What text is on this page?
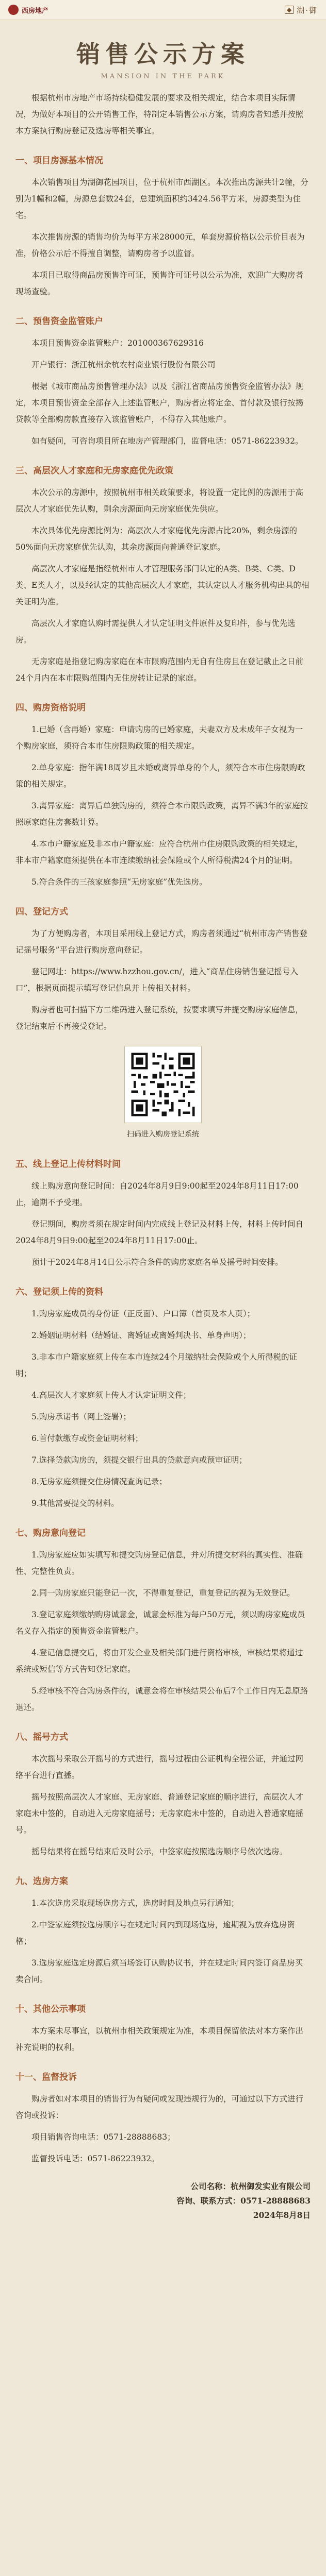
西房地产	◆ 湖·御
销售公示方案
MANSION IN THE PARK

根据杭州市房地产市场持续稳健发展的要求及相关规定，结合本项目实际情况，为做好本项目的公开销售工作，特制定本销售公示方案，请购房者知悉并按照本方案执行购房登记及选房等相关事宜。

一、项目房源基本情况

本次销售项目为湖御花园项目，位于杭州市西湖区。本次推出房源共计2幢，分别为1幢和2幢，房源总套数24套，总建筑面积约3424.56平方米，房源类型为住宅。

本次推售房源的销售均价为每平方米28000元，单套房源价格以公示价目表为准，价格公示后不得擅自调整，请购房者予以监督。

本项目已取得商品房预售许可证，预售许可证号以公示为准，欢迎广大购房者现场查验。

二、预售资金监管账户

本项目预售资金监管账户：201000367629316

开户银行：浙江杭州余杭农村商业银行股份有限公司

根据《城市商品房预售管理办法》以及《浙江省商品房预售资金监管办法》规定，本项目预售资金全部存入上述监管账户，购房者应将定金、首付款及银行按揭贷款等全部购房款直接存入该监管账户，不得存入其他账户。

如有疑问，可咨询项目所在地房产管理部门，监督电话：0571-86223932。

三、高层次人才家庭和无房家庭优先政策

本次公示的房源中，按照杭州市相关政策要求，将设置一定比例的房源用于高层次人才家庭优先认购，剩余房源面向无房家庭优先供应。

本次具体优先房源比例为：高层次人才家庭优先房源占比20%，剩余房源的50%面向无房家庭优先认购，其余房源面向普通登记家庭。

高层次人才家庭是指经杭州市人才管理服务部门认定的A类、B类、C类、D类、E类人才，以及经认定的其他高层次人才家庭，其认定以人才服务机构出具的相关证明为准。

高层次人才家庭认购时需提供人才认定证明文件原件及复印件，参与优先选房。

无房家庭是指登记购房家庭在本市限购范围内无自有住房且在登记截止之日前24个月内在本市限购范围内无住房转让记录的家庭。

四、购房资格说明

1.已婚（含再婚）家庭：申请购房的已婚家庭，夫妻双方及未成年子女视为一个购房家庭，须符合本市住房限购政策的相关规定。

2.单身家庭：指年满18周岁且未婚或离异单身的个人，须符合本市住房限购政策的相关规定。

3.离异家庭：离异后单独购房的，须符合本市限购政策，离异不满3年的家庭按照原家庭住房套数计算。

4.本市户籍家庭及非本市户籍家庭：应符合杭州市住房限购政策的相关规定，非本市户籍家庭须提供在本市连续缴纳社会保险或个人所得税满24个月的证明。

5.符合条件的三孩家庭参照“无房家庭”优先选房。

四、登记方式

为了方便购房者，本项目采用线上登记方式，购房者须通过“杭州市房产销售登记摇号服务”平台进行购房意向登记。

登记网址：https://www.hzzhou.gov.cn/，进入“商品住房销售登记摇号入口”，根据页面提示填写登记信息并上传相关材料。

购房者也可扫描下方二维码进入登记系统，按要求填写并提交购房家庭信息，登记结束后不再接受登记。

扫码进入购房登记系统
五、线上登记上传材料时间

线上购房意向登记时间：自2024年8月9日9:00起至2024年8月11日17:00止，逾期不予受理。

登记期间，购房者须在规定时间内完成线上登记及材料上传，材料上传时间自2024年8月9日9:00起至2024年8月11日17:00止。

预计于2024年8月14日公示符合条件的购房家庭名单及摇号时间安排。

六、登记须上传的资料

1.购房家庭成员的身份证（正反面）、户口簿（首页及本人页）；

2.婚姻证明材料（结婚证、离婚证或离婚判决书、单身声明）；

3.非本市户籍家庭须上传在本市连续24个月缴纳社会保险或个人所得税的证明；

4.高层次人才家庭须上传人才认定证明文件；

5.购房承诺书（网上签署）；

6.首付款缴存或资金证明材料；

7.选择贷款购房的，须提交银行出具的贷款意向或预审证明；

8.无房家庭须提交住房情况查询记录；

9.其他需要提交的材料。

七、购房意向登记

1.购房家庭应如实填写和提交购房登记信息，并对所提交材料的真实性、准确性、完整性负责。

2.同一购房家庭只能登记一次，不得重复登记，重复登记的视为无效登记。

3.登记家庭须缴纳购房诚意金，诚意金标准为每户50万元，须以购房家庭成员名义存入指定的预售资金监管账户。

4.登记信息提交后，将由开发企业及相关部门进行资格审核，审核结果将通过系统或短信等方式告知登记家庭。

5.经审核不符合购房条件的，诚意金将在审核结果公布后7个工作日内无息原路退还。

八、摇号方式

本次摇号采取公开摇号的方式进行，摇号过程由公证机构全程公证，并通过网络平台进行直播。

摇号按照高层次人才家庭、无房家庭、普通登记家庭的顺序进行，高层次人才家庭未中签的，自动进入无房家庭摇号；无房家庭未中签的，自动进入普通家庭摇号。

摇号结果将在摇号结束后及时公示，中签家庭按照选房顺序号依次选房。

九、选房方案

1.本次选房采取现场选房方式，选房时间及地点另行通知；

2.中签家庭须按选房顺序号在规定时间内到现场选房，逾期视为放弃选房资格；

3.选房家庭选定房源后须当场签订认购协议书，并在规定时间内签订商品房买卖合同。

十、其他公示事项

本方案未尽事宜，以杭州市相关政策规定为准，本项目保留依法对本方案作出补充说明的权利。

十一、监督投诉

购房者如对本项目的销售行为有疑问或发现违规行为的，可通过以下方式进行咨询或投诉：

项目销售咨询电话：0571-28888683；

监督投诉电话：0571-86223932。

公司名称：杭州御发实业有限公司
咨询、联系方式：0571-28888683
2024年8月8日
